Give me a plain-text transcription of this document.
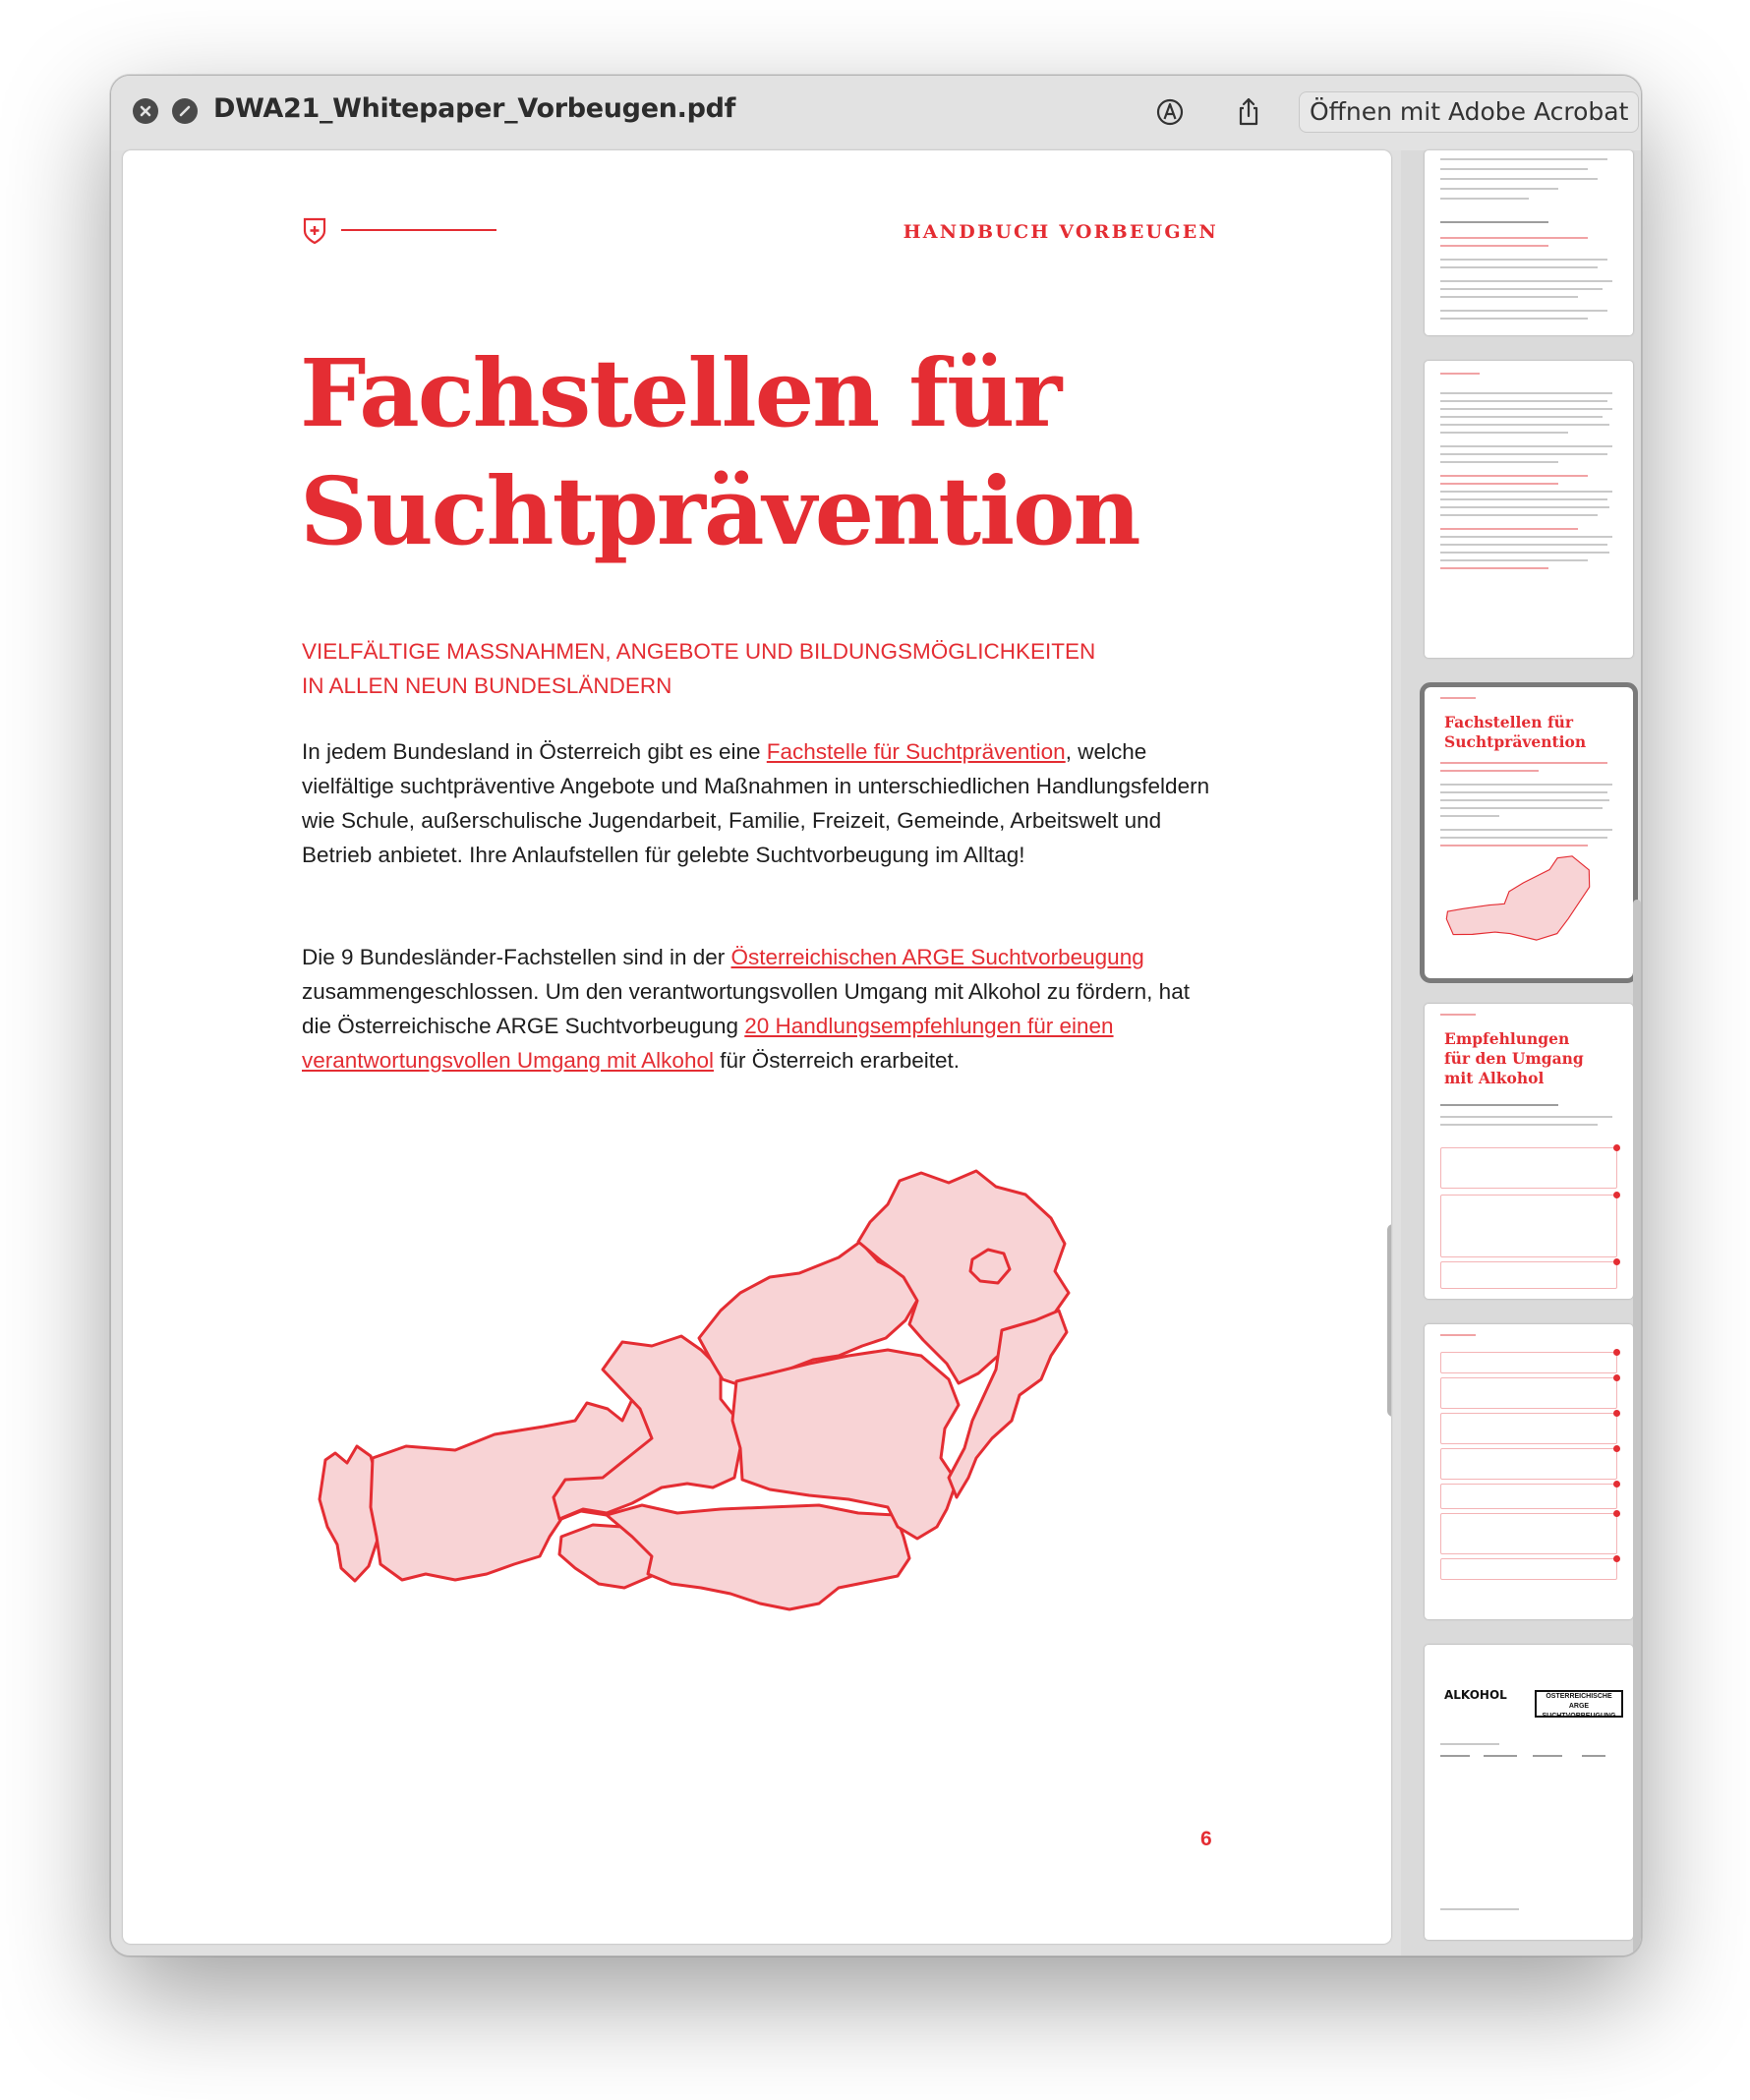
DWA21_Whitepaper_Vorbeugen.pdf	Öffnen mit Adobe Acrobat
HANDBUCH VORBEUGEN
Fachstellen für
Suchtprävention
VIELFÄLTIGE MASSNAHMEN, ANGEBOTE UND BILDUNGSMÖGLICHKEITEN
IN ALLEN NEUN BUNDESLÄNDERN

In jedem Bundesland in Österreich gibt es eine Fachstelle für Suchtprävention, welche vielfältige suchtpräventive Angebote und Maßnahmen in unterschiedlichen Handlungsfeldern wie Schule, außerschulische Jugendarbeit, Familie, Freizeit, Gemeinde, Arbeitswelt und Betrieb anbietet. Ihre Anlaufstellen für gelebte Suchtvorbeugung im Alltag!

Die 9 Bundesländer-Fachstellen sind in der Österreichischen ARGE Suchtvorbeugung zusammengeschlossen. Um den verantwortungsvollen Umgang mit Alkohol zu fördern, hat die Österreichische ARGE Suchtvorbeugung 20 Handlungsempfehlungen für einen verantwortungsvollen Umgang mit Alkohol für Österreich erarbeitet.

6
Fachstellen für
Suchtprävention
Empfehlungen
für den Umgang
mit Alkohol
ALKOHOL	ÖSTERREICHISCHE ARGE
SUCHTVORBEUGUNG
